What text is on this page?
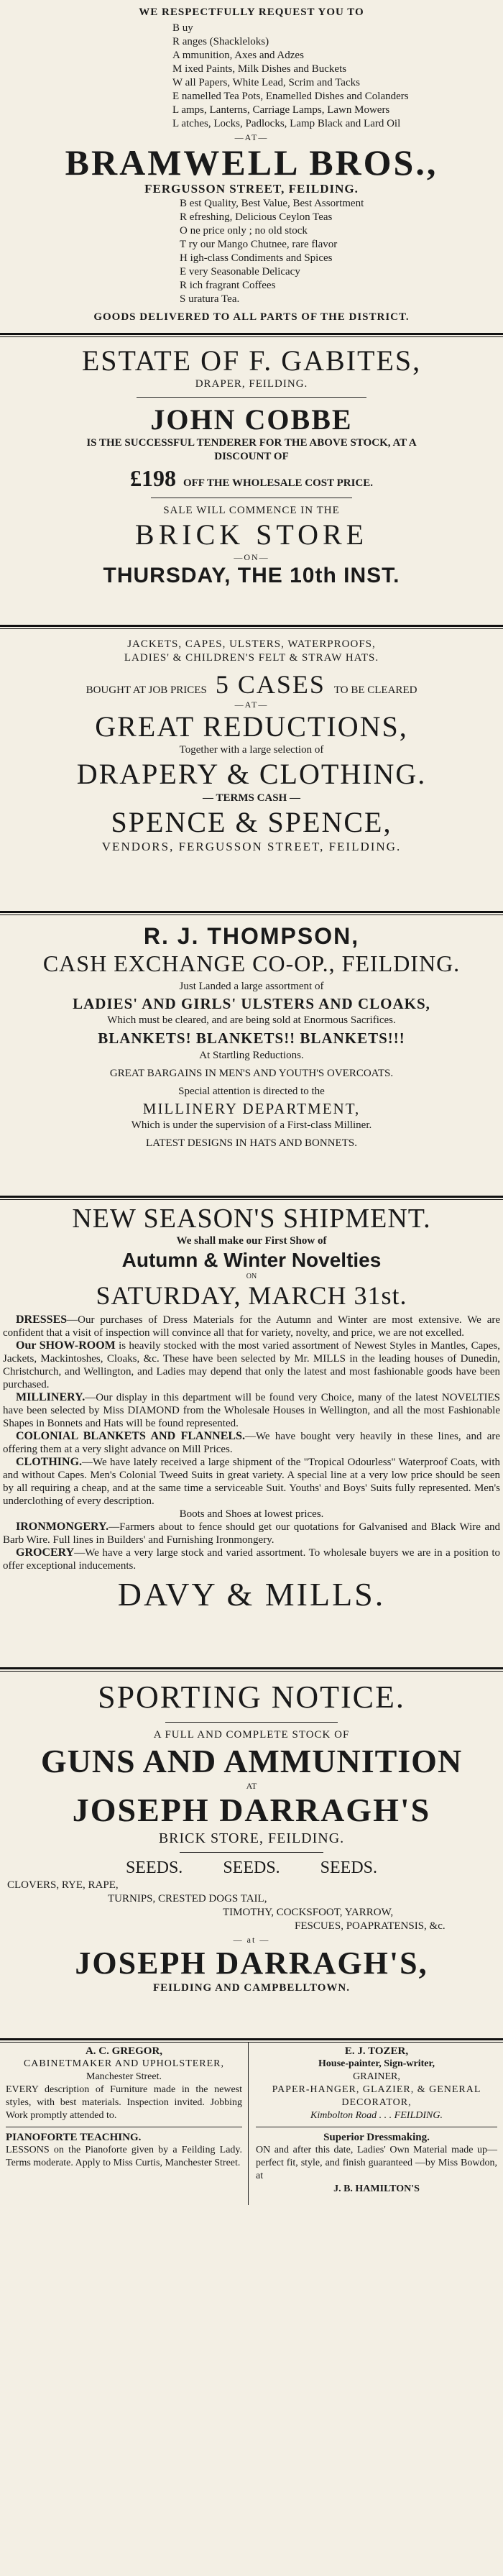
WE RESPECTFULLY REQUEST YOU TO
B uy
R anges (Shackleloks)
A mmunition, Axes and Adzes
M ixed Paints, Milk Dishes and Buckets
W all Papers, White Lead, Scrim and Tacks
E namelled Tea Pots, Enamelled Dishes and Colanders
L amps, Lanterns, Carriage Lamps, Lawn Mowers
L atches, Locks, Padlocks, Lamp Black and Lard Oil
—AT—
BRAMWELL BROS.,
FERGUSSON STREET, FEILDING.
B est Quality, Best Value, Best Assortment
R efreshing, Delicious Ceylon Teas
O ne price only ; no old stock
T ry our Mango Chutnee, rare flavor
H igh-class Condiments and Spices
E very Seasonable Delicacy
R ich fragrant Coffees
S uratura Tea.
GOODS DELIVERED TO ALL PARTS OF THE DISTRICT.
ESTATE OF F. GABITES,
DRAPER, FEILDING.
JOHN COBBE
IS THE SUCCESSFUL TENDERER FOR THE ABOVE STOCK, AT A
DISCOUNT OF
£198 OFF THE WHOLESALE COST PRICE.
SALE WILL COMMENCE IN THE
BRICK STORE
—ON—
THURSDAY, THE 10th INST.
JACKETS, CAPES, ULSTERS, WATERPROOFS,
LADIES' & CHILDREN'S FELT & STRAW HATS.
BOUGHT AT JOB PRICES 5 CASES TO BE CLEARED
—AT—
GREAT REDUCTIONS,
Together with a large selection of
DRAPERY & CLOTHING.
— TERMS CASH —
SPENCE & SPENCE,
VENDORS, FERGUSSON STREET, FEILDING.
R. J. THOMPSON,
CASH EXCHANGE CO-OP., FEILDING.
Just Landed a large assortment of
LADIES' AND GIRLS' ULSTERS AND CLOAKS,
Which must be cleared, and are being sold at Enormous Sacrifices.
BLANKETS! BLANKETS!! BLANKETS!!!
At Startling Reductions.
GREAT BARGAINS IN MEN'S AND YOUTH'S OVERCOATS.
Special attention is directed to the
MILLINERY DEPARTMENT,
Which is under the supervision of a First-class Milliner.
LATEST DESIGNS IN HATS AND BONNETS.
NEW SEASON'S SHIPMENT.
We shall make our First Show of
Autumn & Winter Novelties
ON
SATURDAY, MARCH 31st.

DRESSES—Our purchases of Dress Materials for the Autumn and Winter are most extensive. We are confident that a visit of inspection will convince all that for variety, novelty, and price, we are not excelled.

Our SHOW-ROOM is heavily stocked with the most varied assortment of Newest Styles in Mantles, Capes, Jackets, Mackintoshes, Cloaks, &c. These have been selected by Mr. MILLS in the leading houses of Dunedin, Christchurch, and Wellington, and Ladies may depend that only the latest and most fashionable goods have been purchased.

MILLINERY.—Our display in this department will be found very Choice, many of the latest NOVELTIES have been selected by Miss DIAMOND from the Wholesale Houses in Wellington, and all the most Fashionable Shapes in Bonnets and Hats will be found represented.

COLONIAL BLANKETS AND FLANNELS.—We have bought very heavily in these lines, and are offering them at a very slight advance on Mill Prices.

CLOTHING.—We have lately received a large shipment of the "Tropical Odourless" Waterproof Coats, with and without Capes. Men's Colonial Tweed Suits in great variety. A special line at a very low price should be seen by all requiring a cheap, and at the same time a serviceable Suit. Youths' and Boys' Suits fully represented. Men's underclothing of every description.

Boots and Shoes at lowest prices.

IRONMONGERY.—Farmers about to fence should get our quotations for Galvanised and Black Wire and Barb Wire. Full lines in Builders' and Furnishing Ironmongery.

GROCERY—We have a very large stock and varied assortment. To wholesale buyers we are in a position to offer exceptional inducements.

DAVY & MILLS.
SPORTING NOTICE.
A FULL AND COMPLETE STOCK OF
GUNS AND AMMUNITION
AT
JOSEPH DARRAGH'S
BRICK STORE, FEILDING.
SEEDS. SEEDS. SEEDS.
CLOVERS, RYE, RAPE,
TURNIPS, CRESTED DOGS TAIL,
TIMOTHY, COCKSFOOT, YARROW,
FESCUES, POAPRATENSIS, &c.
— at —
JOSEPH DARRAGH'S,
FEILDING AND CAMPBELLTOWN.
A. C. GREGOR,
CABINETMAKER AND UPHOLSTERER,
Manchester Street.

EVERY description of Furniture made in the newest styles, with best materials. Inspection invited. Jobbing Work promptly attended to.

PIANOFORTE TEACHING.

LESSONS on the Pianoforte given by a Feilding Lady. Terms moderate. Apply to Miss Curtis, Manchester Street.

E. J. TOZER,
House-painter, Sign-writer,
GRAINER,
PAPER-HANGER, GLAZIER, & GENERAL DECORATOR,
Kimbolton Road . . . FEILDING.
Superior Dressmaking.

ON and after this date, Ladies' Own Material made up—perfect fit, style, and finish guaranteed —by Miss Bowdon, at

J. B. HAMILTON'S
